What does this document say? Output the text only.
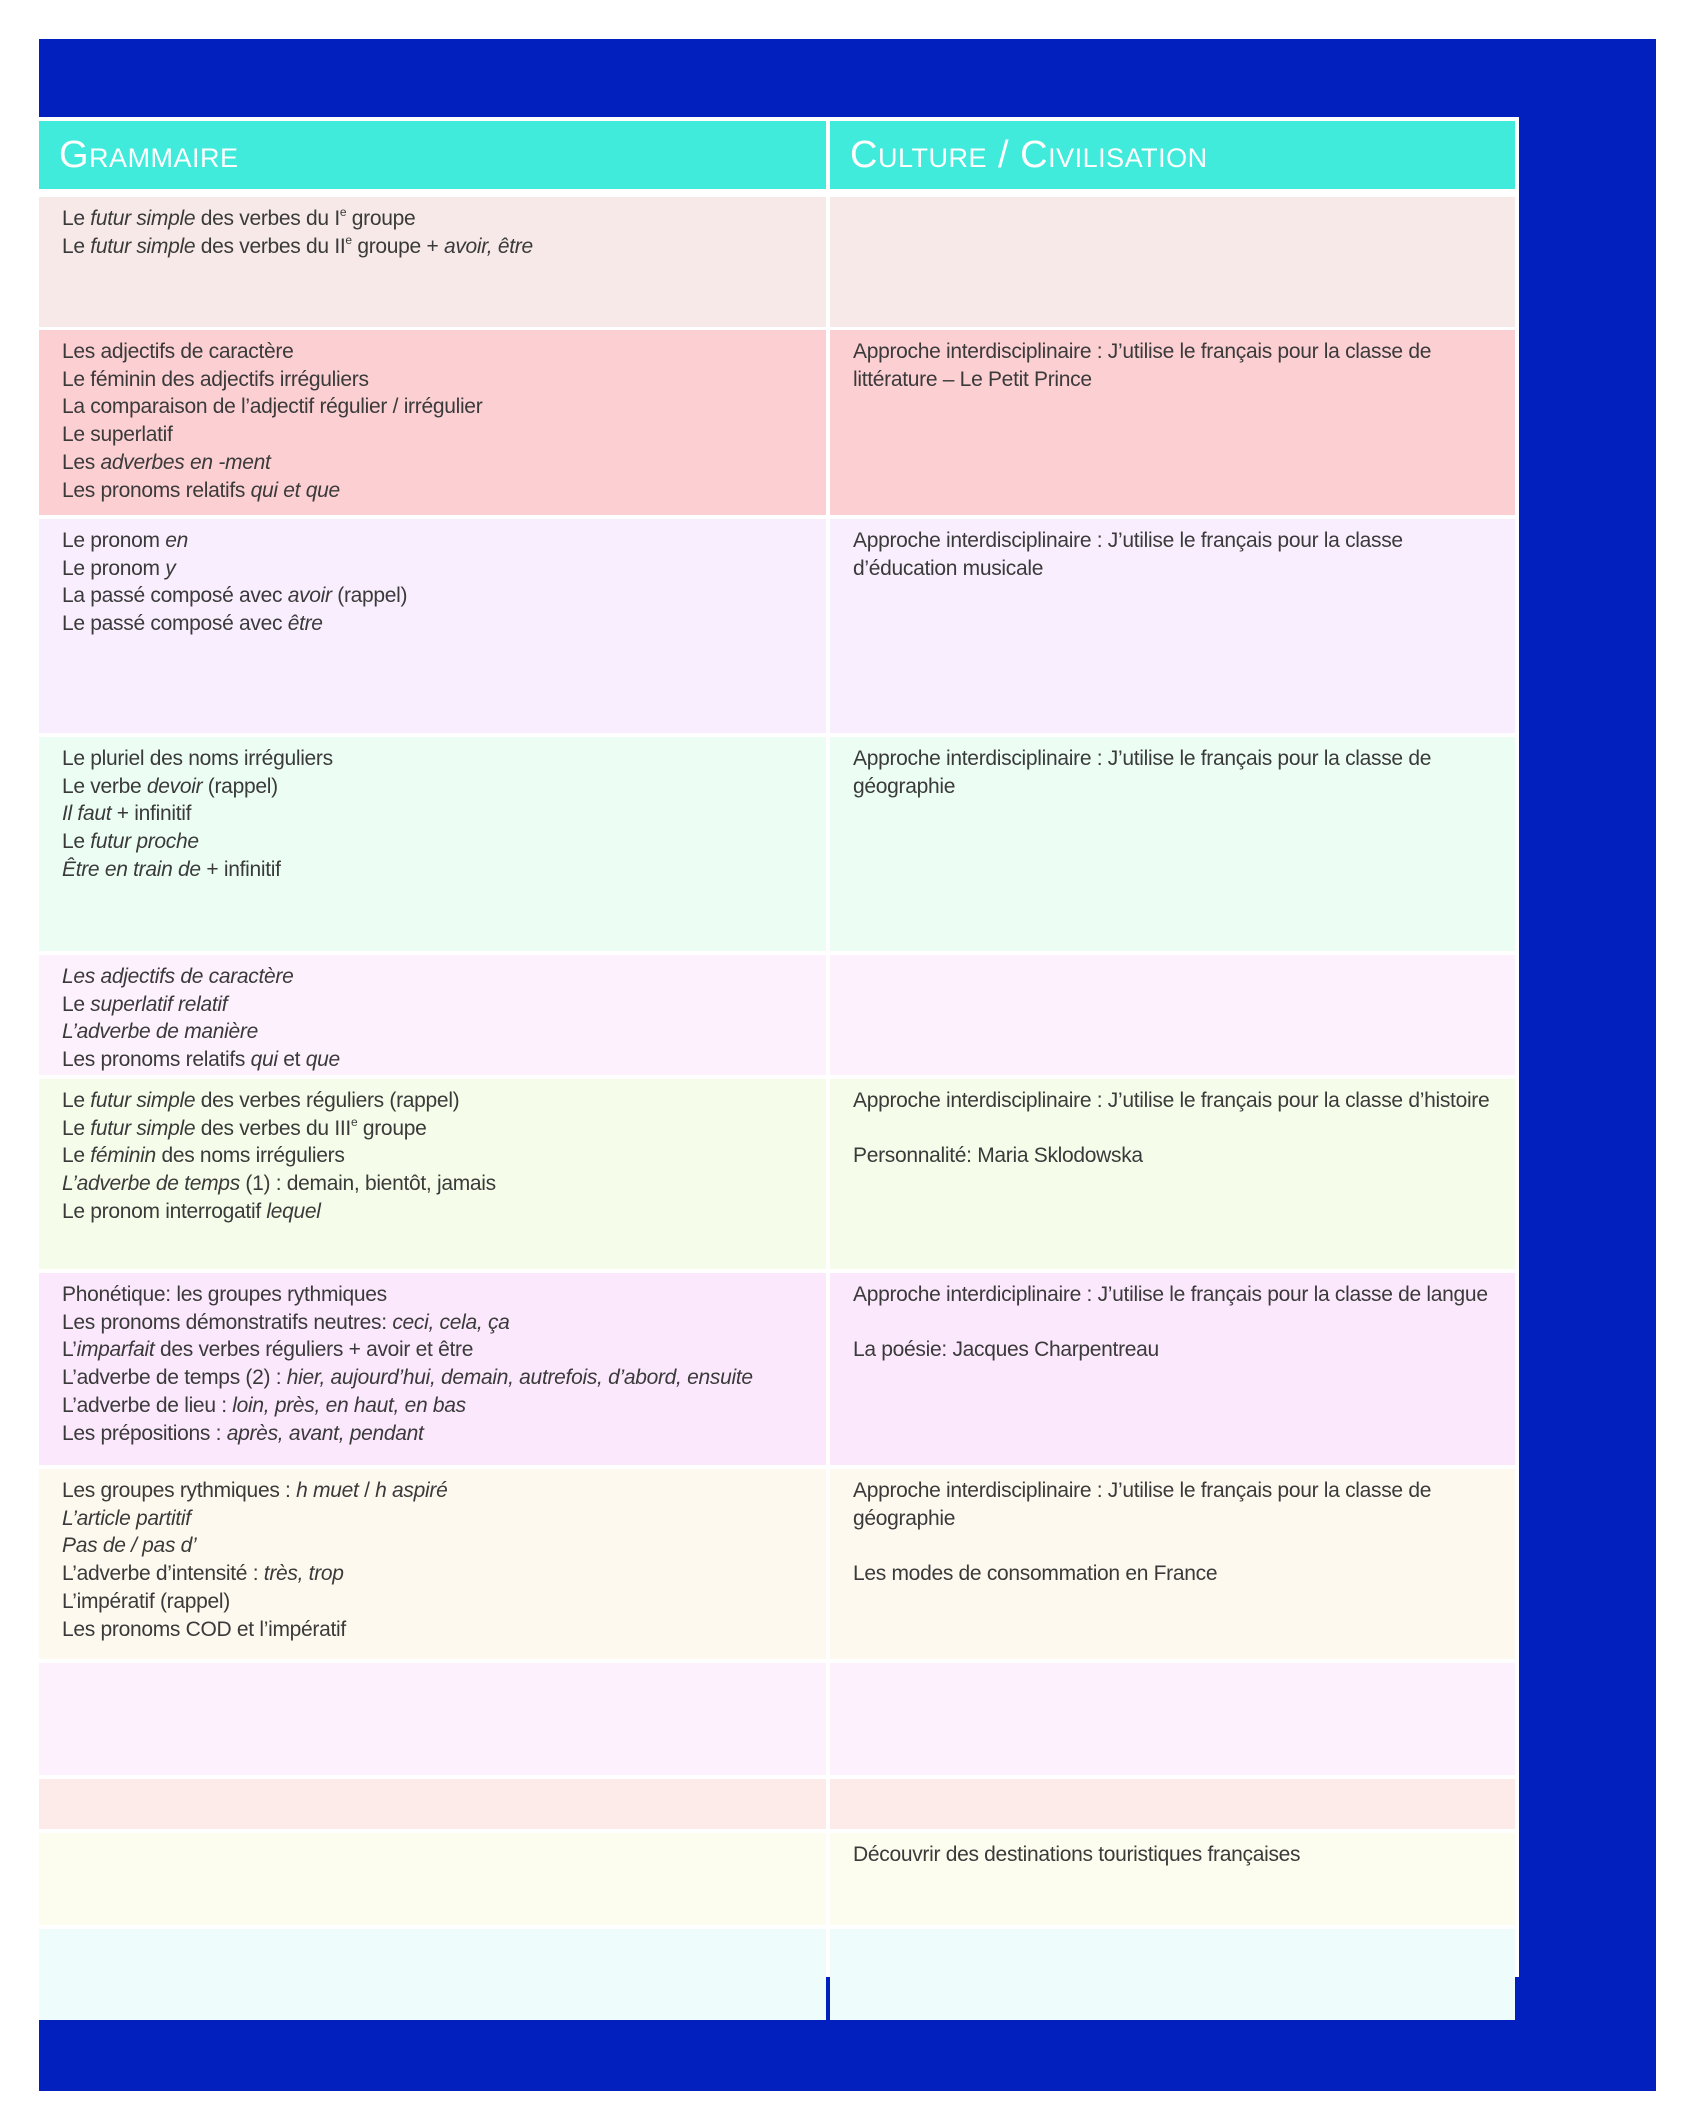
Grammaire	Culture / Civilisation
Le futur simple des verbes du Ie groupe
Le futur simple des verbes du IIe groupe + avoir, être
Les adjectifs de caractère
Le féminin des adjectifs irréguliers
La comparaison de l’adjectif régulier / irrégulier
Le superlatif
Les adverbes en -ment
Les pronoms relatifs qui et que
Approche interdisciplinaire : J’utilise le français pour la classe de
littérature – Le Petit Prince
Le pronom en
Le pronom y
La passé composé avec avoir (rappel)
Le passé composé avec être
Approche interdisciplinaire : J’utilise le français pour la classe
d’éducation musicale
Le pluriel des noms irréguliers
Le verbe devoir (rappel)
Il faut + infinitif
Le futur proche
Être en train de + infinitif
Approche interdisciplinaire : J’utilise le français pour la classe de
géographie
Les adjectifs de caractère
Le superlatif relatif
L’adverbe de manière
Les pronoms relatifs qui et que
Le futur simple des verbes réguliers (rappel)
Le futur simple des verbes du IIIe groupe
Le féminin des noms irréguliers
L’adverbe de temps (1) : demain, bientôt, jamais
Le pronom interrogatif lequel
Approche interdisciplinaire : J’utilise le français pour la classe d’histoire
Personnalité: Maria Sklodowska
Phonétique: les groupes rythmiques
Les pronoms démonstratifs neutres: ceci, cela, ça
L’imparfait des verbes réguliers + avoir et être
L’adverbe de temps (2) : hier, aujourd’hui, demain, autrefois, d’abord, ensuite
L’adverbe de lieu : loin, près, en haut, en bas
Les prépositions : après, avant, pendant
Approche interdiciplinaire : J’utilise le français pour la classe de langue
La poésie: Jacques Charpentreau
Les groupes rythmiques : h muet / h aspiré
L’article partitif
Pas de / pas d’
L’adverbe d’intensité : très, trop
L’impératif (rappel)
Les pronoms COD et l’impératif
Approche interdisciplinaire : J’utilise le français pour la classe de
géographie
Les modes de consommation en France
Découvrir des destinations touristiques françaises
